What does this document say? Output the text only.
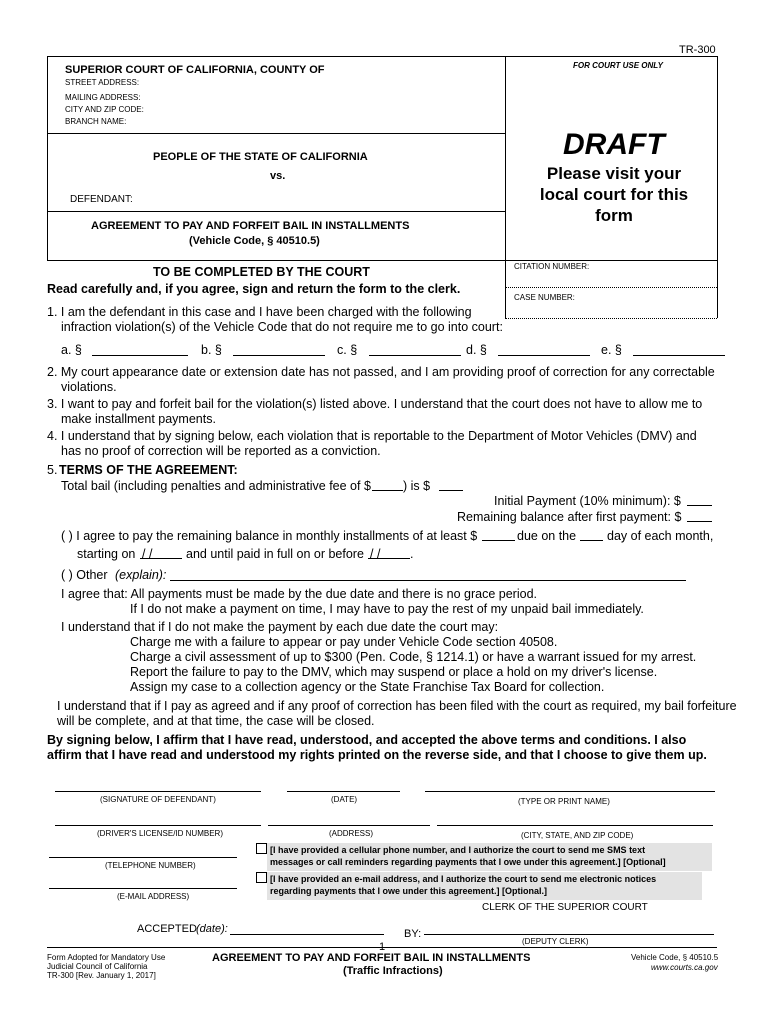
TR-300
SUPERIOR COURT OF CALIFORNIA, COUNTY OF
STREET ADDRESS:
MAILING ADDRESS:
CITY AND ZIP CODE:
BRANCH NAME:
FOR COURT USE ONLY
PEOPLE OF THE STATE OF CALIFORNIA
vs.
DEFENDANT:
AGREEMENT TO PAY AND FORFEIT BAIL IN INSTALLMENTS
(Vehicle Code, § 40510.5)
DRAFT
Please visit your local court for this form
CITATION NUMBER:
CASE NUMBER:
TO BE COMPLETED BY THE COURT
Read carefully and, if you agree, sign and return the form to the clerk.
1. I am the defendant in this case and I have been charged with the following
infraction violation(s) of the Vehicle Code that do not require me to go into court:
a. §	b. §	c. §	d. §	e. §
2. My court appearance date or extension date has not passed, and I am providing proof of correction for any correctable
violations.
3. I want to pay and forfeit bail for the violation(s) listed above. I understand that the court does not have to allow me to
make installment payments.
4. I understand that by signing below, each violation that is reportable to the Department of Motor Vehicles (DMV) and
has no proof of correction will be reported as a conviction.
5. TERMS OF THE AGREEMENT:
Total bail (including penalties and administrative fee of $	) is $
Initial Payment (10% minimum): $
Remaining balance after first payment: $
( ) I agree to pay the remaining balance in monthly installments of at least $	due on the day of each month,
starting on / /	and until paid in full on or before / / .
( ) Other (explain):
I agree that: All payments must be made by the due date and there is no grace period.
If I do not make a payment on time, I may have to pay the rest of my unpaid bail immediately.
I understand that if I do not make the payment by each due date the court may:
Charge me with a failure to appear or pay under Vehicle Code section 40508.
Charge a civil assessment of up to $300 (Pen. Code, § 1214.1) or have a warrant issued for my arrest.
Report the failure to pay to the DMV, which may suspend or place a hold on my driver's license.
Assign my case to a collection agency or the State Franchise Tax Board for collection.
I understand that if I pay as agreed and if any proof of correction has been filed with the court as required, my bail forfeiture
will be complete, and at that time, the case will be closed.
By signing below, I affirm that I have read, understood, and accepted the above terms and conditions. I also
affirm that I have read and understood my rights printed on the reverse side, and that I choose to give them up.
(SIGNATURE OF DEFENDANT)	(DATE)	(TYPE OR PRINT NAME)
(DRIVER'S LICENSE/ID NUMBER)	(ADDRESS)	(CITY, STATE, AND ZIP CODE)
(TELEPHONE NUMBER)
(E-MAIL ADDRESS)
[I have provided a cellular phone number, and I authorize the court to send me SMS text
messages or call reminders regarding payments that I owe under this agreement.] [Optional]
[I have provided an e-mail address, and I authorize the court to send me electronic notices
regarding payments that I owe under this agreement.] [Optional.]
CLERK OF THE SUPERIOR COURT
ACCEPTED (date):	BY:
(DEPUTY CLERK)
Form Adopted for Mandatory Use
Judicial Council of California
TR-300 [Rev. January 1, 2017]
1
AGREEMENT TO PAY AND FORFEIT BAIL IN INSTALLMENTS
(Traffic Infractions)
Vehicle Code, § 40510.5
www.courts.ca.gov
